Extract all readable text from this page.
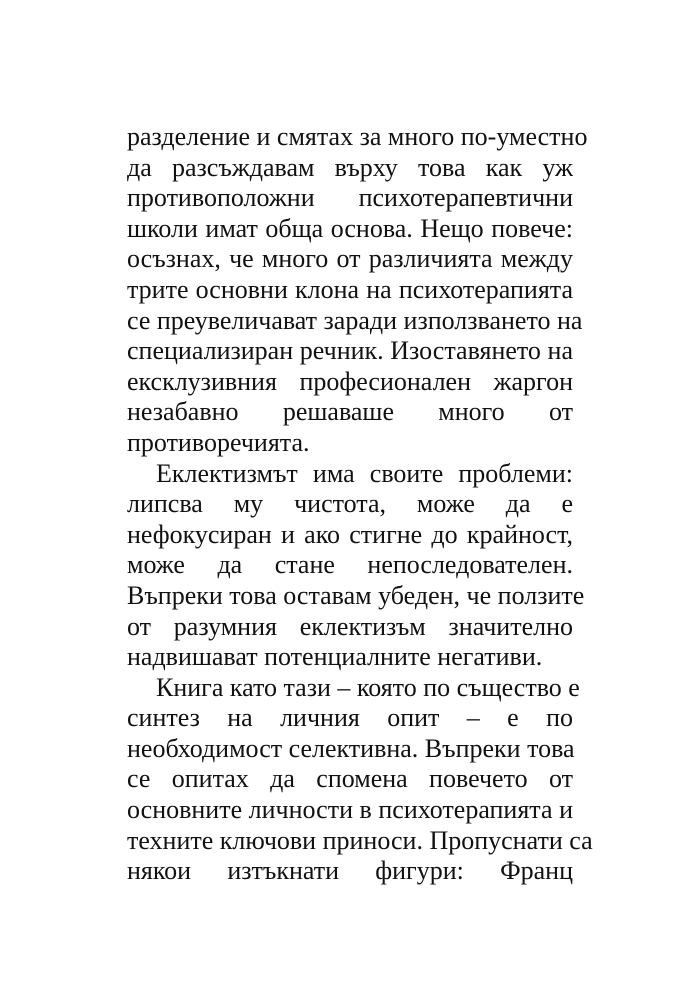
разделение и смятах за много по-уместно
да разсъждавам върху това как уж
противоположни психотерапевтични
школи имат обща основа. Нещо повече:
осъзнах, че много от различията между
трите основни клона на психотерапията
се преувеличават заради използването на
специализиран речник. Изоставянето на
ексклузивния професионален жаргон
незабавно решаваше много от
противоречията.
Еклектизмът има своите проблеми:
липсва му чистота, може да е
нефокусиран и ако стигне до крайност,
може да стане непоследователен.
Въпреки това оставам убеден, че ползите
от разумния еклектизъм значително
надвишават потенциалните негативи.
Книга като тази – която по същество е
синтез на личния опит – е по
необходимост селективна. Въпреки това
се опитах да спомена повечето от
основните личности в психотерапията и
техните ключови приноси. Пропуснати са
някои изтъкнати фигури: Франц
